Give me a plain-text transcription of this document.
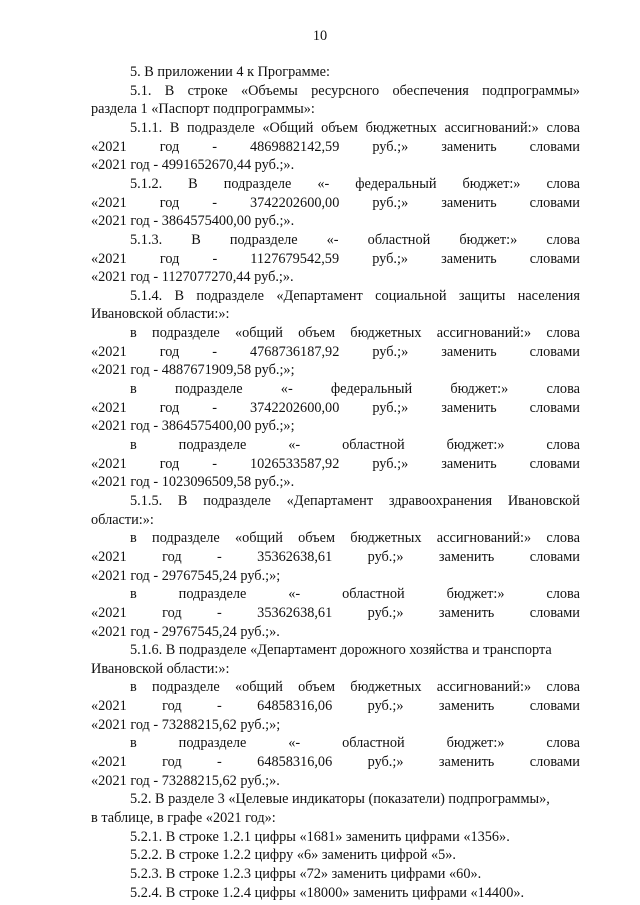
10
5. В приложении 4 к Программе:
5.1. В строке «Объемы ресурсного обеспечения подпрограммы»
раздела 1 «Паспорт подпрограммы»:
5.1.1. В подразделе «Общий объем бюджетных ассигнований:» слова
«2021 год - 4869882142,59 руб.;» заменить словами
«2021 год - 4991652670,44 руб.;».
5.1.2. В подразделе «- федеральный бюджет:» слова
«2021 год - 3742202600,00 руб.;» заменить словами
«2021 год - 3864575400,00 руб.;».
5.1.3. В подразделе «- областной бюджет:» слова
«2021 год - 1127679542,59 руб.;» заменить словами
«2021 год - 1127077270,44 руб.;».
5.1.4. В подразделе «Департамент социальной защиты населения
Ивановской области:»:
в подразделе «общий объем бюджетных ассигнований:» слова
«2021 год - 4768736187,92 руб.;» заменить словами
«2021 год - 4887671909,58 руб.;»;
в	подразделе	«-	федеральный	бюджет:»	слова
«2021 год - 3742202600,00 руб.;» заменить словами
«2021 год - 3864575400,00 руб.;»;
в	подразделе	«-	областной	бюджет:»	слова
«2021 год - 1026533587,92 руб.;» заменить словами
«2021 год - 1023096509,58 руб.;».
5.1.5. В подразделе «Департамент здравоохранения Ивановской
области:»:
в подразделе «общий объем бюджетных ассигнований:» слова
«2021 год - 35362638,61 руб.;» заменить словами
«2021 год - 29767545,24 руб.;»;
в	подразделе	«-	областной	бюджет:»	слова
«2021 год - 35362638,61 руб.;» заменить словами
«2021 год - 29767545,24 руб.;».
5.1.6. В подразделе «Департамент дорожного хозяйства и транспорта
Ивановской области:»:
в подразделе «общий объем бюджетных ассигнований:» слова
«2021 год - 64858316,06 руб.;» заменить словами
«2021 год - 73288215,62 руб.;»;
в	подразделе	«-	областной	бюджет:»	слова
«2021 год - 64858316,06 руб.;» заменить словами
«2021 год - 73288215,62 руб.;».
5.2. В разделе 3 «Целевые индикаторы (показатели) подпрограммы»,
в таблице, в графе «2021 год»:
5.2.1. В строке 1.2.1 цифры «1681» заменить цифрами «1356».
5.2.2. В строке 1.2.2 цифру «6» заменить цифрой «5».
5.2.3. В строке 1.2.3 цифры «72» заменить цифрами «60».
5.2.4. В строке 1.2.4 цифры «18000» заменить цифрами «14400».
